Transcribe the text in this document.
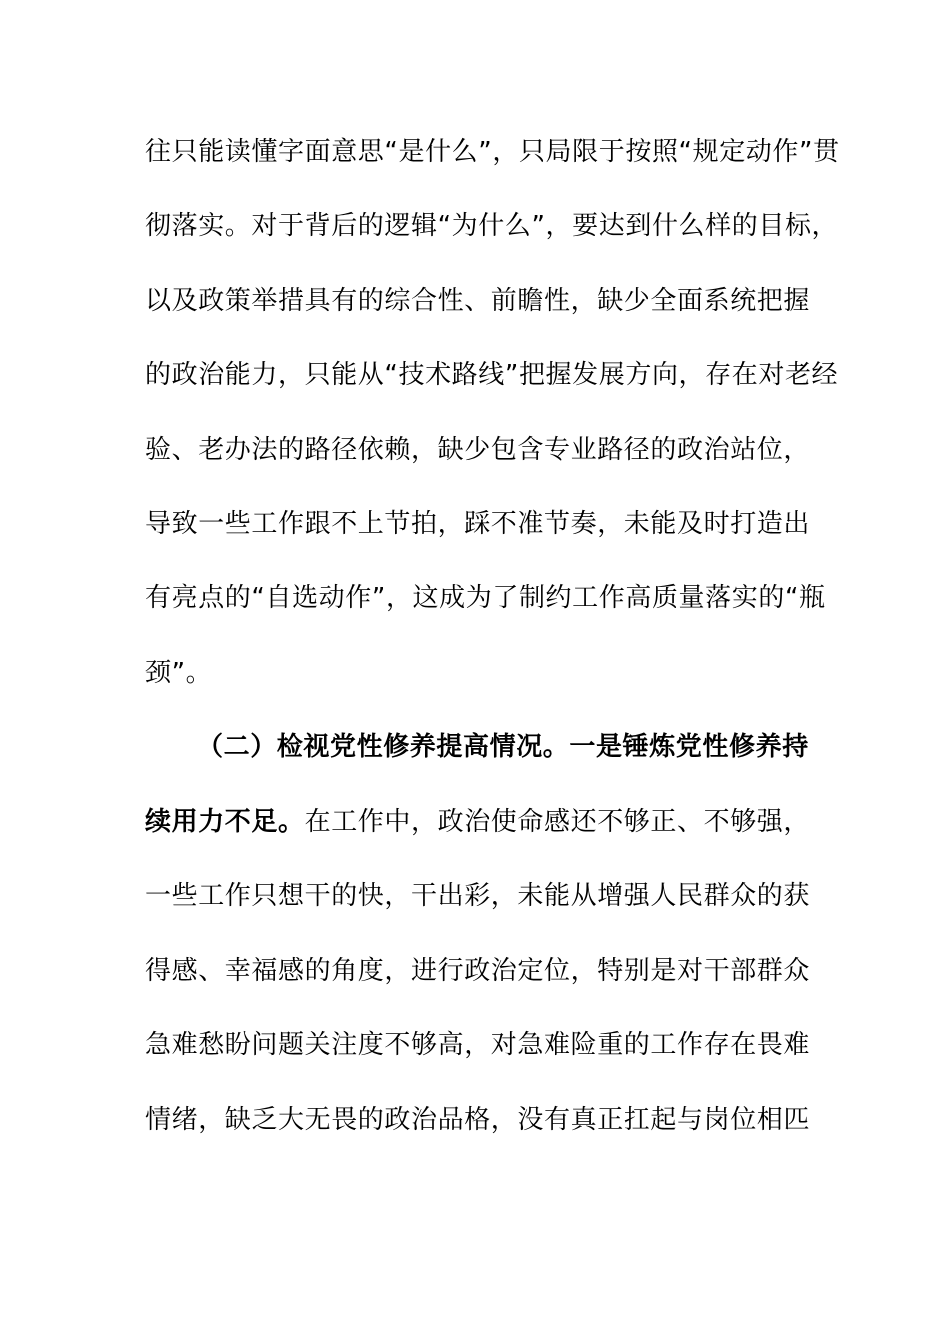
往只能读懂字面意思“是什么”，只局限于按照“规定动作”贯
彻落实。对于背后的逻辑“为什么”，要达到什么样的目标，
以及政策举措具有的综合性、前瞻性，缺少全面系统把握
的政治能力，只能从“技术路线”把握发展方向，存在对老经
验、老办法的路径依赖，缺少包含专业路径的政治站位，
导致一些工作跟不上节拍，踩不准节奏，未能及时打造出
有亮点的“自选动作”，这成为了制约工作高质量落实的“瓶
颈”。
（二）检视党性修养提高情况。一是锤炼党性修养持
续用力不足。在工作中，政治使命感还不够正、不够强，
一些工作只想干的快，干出彩，未能从增强人民群众的获
得感、幸福感的角度，进行政治定位，特别是对干部群众
急难愁盼问题关注度不够高，对急难险重的工作存在畏难
情绪，缺乏大无畏的政治品格，没有真正扛起与岗位相匹
